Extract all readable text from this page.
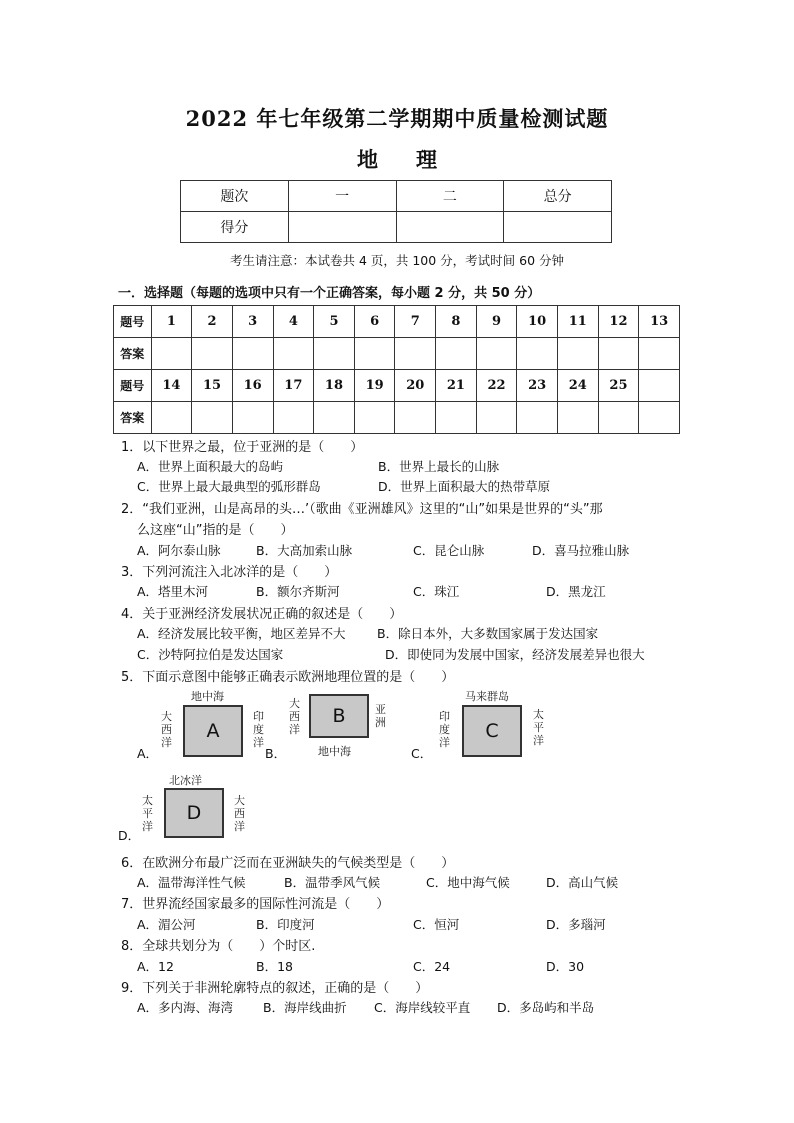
2022 年七年级第二学期期中质量检测试题
地 理
题次	一	二	总分
得分			
考生请注意：本试卷共 4 页，共 100 分，考试时间 60 分钟
一．选择题（每题的选项中只有一个正确答案，每小题 2 分，共 50 分）
题号	1	2	3	4	5	6	7	8	9	10	11	12	13
答案													
题号	14	15	16	17	18	19	20	21	22	23	24	25	
答案													
1．以下世界之最，位于亚洲的是（　　）
A．世界上面积最大的岛屿	B．世界上最长的山脉
C．世界上最大最典型的弧形群岛	D．世界上面积最大的热带草原
2．“我们亚洲，山是高昂的头…’（歌曲《亚洲雄风》这里的“山”如果是世界的“头”那
么这座“山”指的是（　　）
A．阿尔泰山脉	B．大高加索山脉	C．昆仑山脉	D．喜马拉雅山脉
3．下列河流注入北冰洋的是（　　）
A．塔里木河	B．额尔齐斯河	C．珠江	D．黑龙江
4．关于亚洲经济发展状况正确的叙述是（　　）
A．经济发展比较平衡，地区差异不大	B．除日本外，大多数国家属于发达国家
C．沙特阿拉伯是发达国家	D．即使同为发展中国家，经济发展差异也很大
5．下面示意图中能够正确表示欧洲地理位置的是（　　）
A．
地中海
大西洋
印度洋
A
B．
大西洋
亚洲
B
地中海	C．
马来群岛
印度洋
太平洋
C
D．
北冰洋
太平洋
大西洋
D
6．在欧洲分布最广泛而在亚洲缺失的气候类型是（　　）
A．温带海洋性气候	B．温带季风气候	C．地中海气候	D．高山气候
7．世界流经国家最多的国际性河流是（　　）
A．湄公河	B．印度河	C．恒河	D．多瑙河
8．全球共划分为（　　）个时区.
A．12	B．18	C．24	D．30
9．下列关于非洲轮廓特点的叙述，正确的是（　　）
A．多内海、海湾 B．海岸线曲折 C．海岸线较平直 D．多岛屿和半岛
